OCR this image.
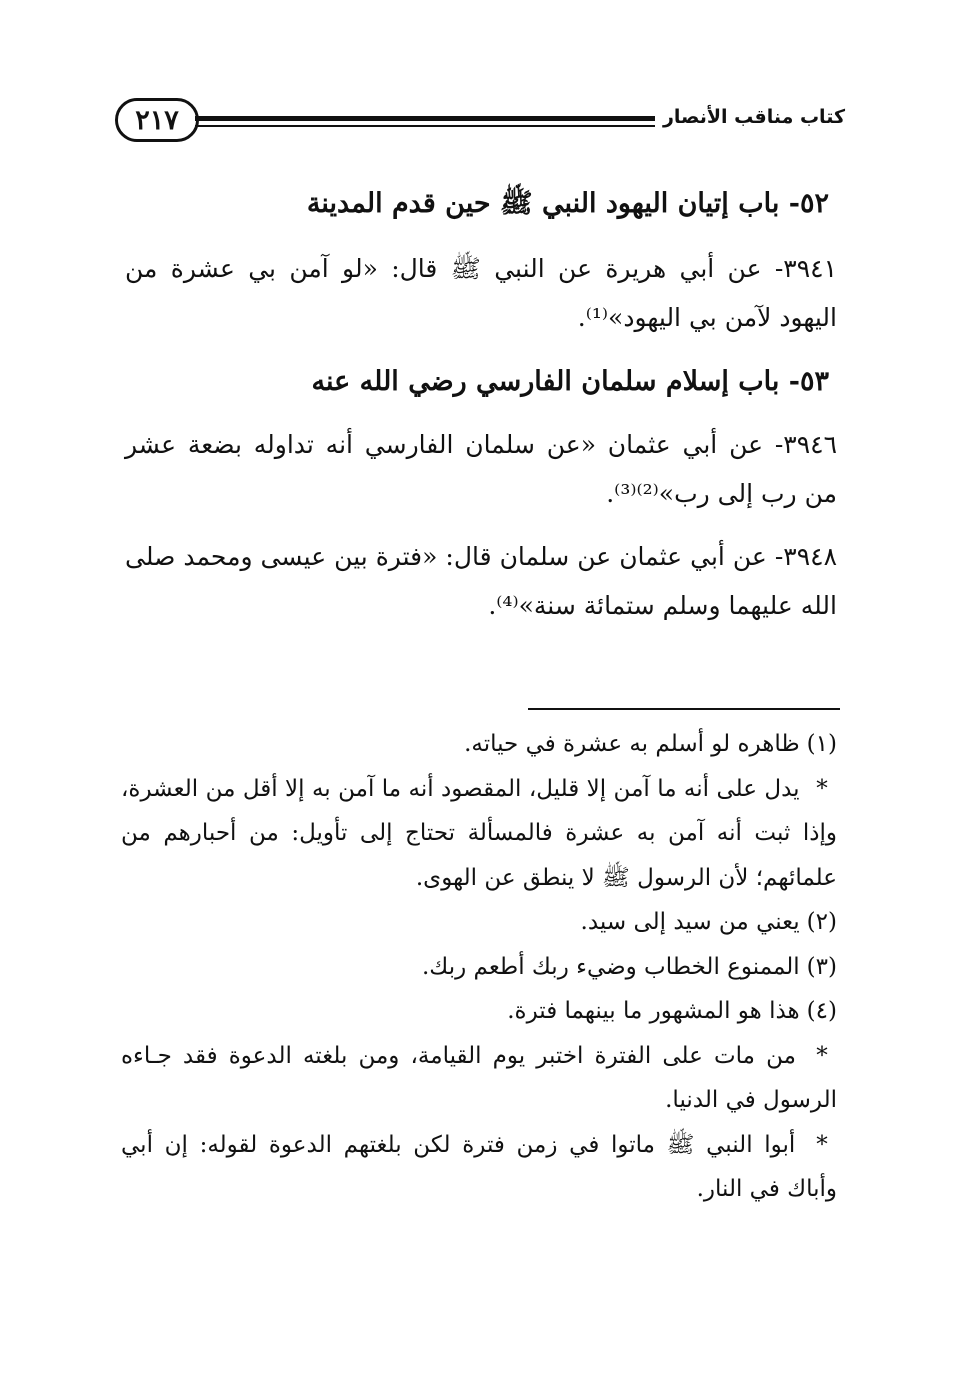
٢١٧	كتاب مناقب الأنصار
٥٢- باب إتيان اليهود النبي ﷺ حين قدم المدينة
٣٩٤١- عن أبي هريرة عن النبي ﷺ قال: «لو آمن بي عشرة من اليهود لآمن بي اليهود»⁽¹⁾.
٥٣- باب إسلام سلمان الفارسي رضي الله عنه
٣٩٤٦- عن أبي عثمان «عن سلمان الفارسي أنه تداوله بضعة عشر من رب إلى رب»⁽²⁾⁽³⁾.
٣٩٤٨- عن أبي عثمان عن سلمان قال: «فترة بين عيسى ومحمد صلى الله عليهما وسلم ستمائة سنة»⁽⁴⁾.
(١) ظاهره لو أسلم به عشرة في حياته.
* يدل على أنه ما آمن إلا قليل، المقصود أنه ما آمن به إلا أقل من العشرة، وإذا ثبت أنه آمن به عشرة فالمسألة تحتاج إلى تأويل: من أحبارهم من علمائهم؛ لأن الرسول ﷺ لا ينطق عن الهوى.
(٢) يعني من سيد إلى سيد.
(٣) الممنوع الخطاب وضيء ربك أطعم ربك.
(٤) هذا هو المشهور ما بينهما فترة.
* من مات على الفترة اختبر يوم القيامة، ومن بلغته الدعوة فقد جـاءه الرسول في الدنيا.
* أبوا النبي ﷺ ماتوا في زمن فترة لكن بلغتهم الدعوة لقوله: إن أبي وأباك في النار.
